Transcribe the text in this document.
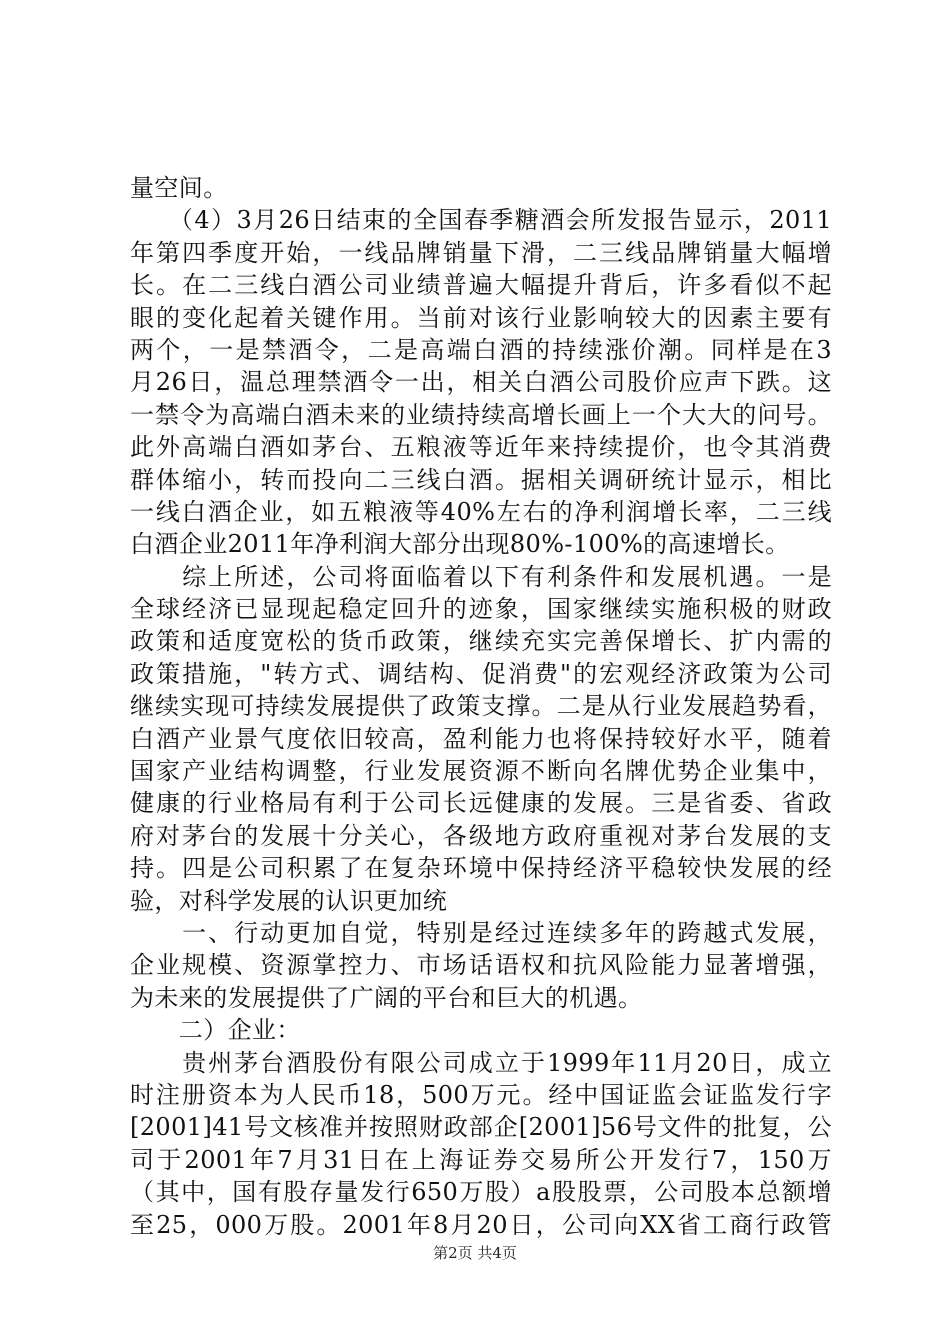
量空间。
　　（4）3月26日结束的全国春季糖酒会所发报告显示，2011
年第四季度开始，一线品牌销量下滑，二三线品牌销量大幅增
长。在二三线白酒公司业绩普遍大幅提升背后，许多看似不起
眼的变化起着关键作用。当前对该行业影响较大的因素主要有
两个，一是禁酒令，二是高端白酒的持续涨价潮。同样是在3
月26日，温总理禁酒令一出，相关白酒公司股价应声下跌。这
一禁令为高端白酒未来的业绩持续高增长画上一个大大的问号。
此外高端白酒如茅台、五粮液等近年来持续提价，也令其消费
群体缩小，转而投向二三线白酒。据相关调研统计显示，相比
一线白酒企业，如五粮液等40%左右的净利润增长率，二三线
白酒企业2011年净利润大部分出现80%-100%的高速增长。
　　综上所述，公司将面临着以下有利条件和发展机遇。一是
全球经济已显现起稳定回升的迹象，国家继续实施积极的财政
政策和适度宽松的货币政策，继续充实完善保增长、扩内需的
政策措施，"转方式、调结构、促消费"的宏观经济政策为公司
继续实现可持续发展提供了政策支撑。二是从行业发展趋势看，
白酒产业景气度依旧较高，盈利能力也将保持较好水平，随着
国家产业结构调整，行业发展资源不断向名牌优势企业集中，
健康的行业格局有利于公司长远健康的发展。三是省委、省政
府对茅台的发展十分关心，各级地方政府重视对茅台发展的支
持。四是公司积累了在复杂环境中保持经济平稳较快发展的经
验，对科学发展的认识更加统
　　一、行动更加自觉，特别是经过连续多年的跨越式发展，
企业规模、资源掌控力、市场话语权和抗风险能力显著增强，
为未来的发展提供了广阔的平台和巨大的机遇。
　　二）企业：
　　贵州茅台酒股份有限公司成立于1999年11月20日，成立
时注册资本为人民币18，500万元。经中国证监会证监发行字
[2001]41号文核准并按照财政部企[2001]56号文件的批复，公
司于2001年7月31日在上海证券交易所公开发行7，150万
（其中，国有股存量发行650万股）a股股票，公司股本总额增
至25，000万股。2001年8月20日，公司向XX省工商行政管
第2页 共4页
